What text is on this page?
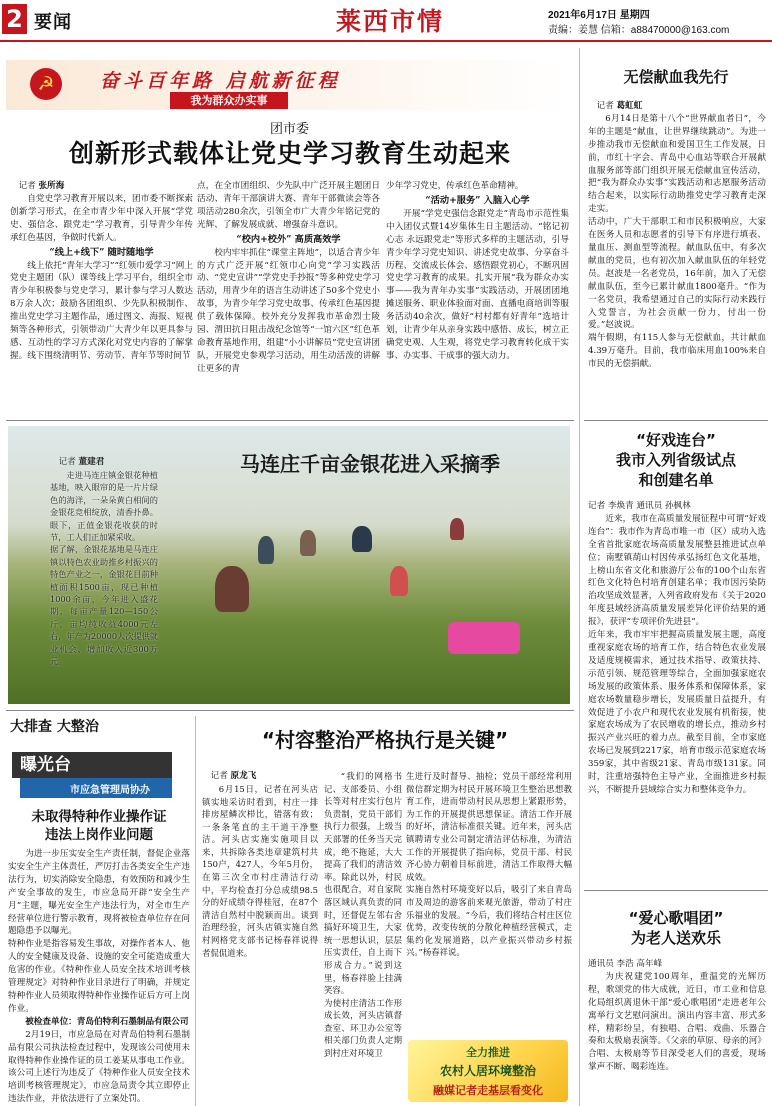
2 要闻	莱西市情	2021年6月17日 星期四
责编：姜慧 信箱：a88470000@163.com
☭	奋斗百年路 启航新征程
我为群众办实事
团市委
创新形式载体让党史学习教育生动起来
 记者 张所海
自党史学习教育开展以来，团市委不断探索创新学习形式，在全市青少年中深入开展“学党史、强信念、跟党走”学习教育，引导青少年传承红色基因，争做时代新人。
“线上+线下” 随时随地学
线上依托“青年大学习”“红领巾爱学习”网上党史主题团（队）课等线上学习平台，组织全市青少年积极参与党史学习，累计参与学习人数达8万余人次；鼓励各团组织、少先队积极制作、推出党史学习主题作品，通过图文、海报、短视频等各种形式，引领带动广大青少年以更具参与感、互动性的学习方式深化对党史内容的了解掌握。线下围绕清明节、劳动节、青年节等时间节
点，在全市团组织、少先队中广泛开展主题团日活动、青年干部演讲大赛、青年干部微读会等各项活动280余次，引领全市广大青少年铭记党的光辉、了解发展成就、增强奋斗意识。
“校内+校外” 高质高效学
校内牢牢抓住“课堂主阵地”，以适合青少年的方式广泛开展“红领巾心向党”学习实践活动、“党史宣讲”“学党史手抄报”等多种党史学习活动，用青少年的语言生动讲述了50多个党史小故事，为青少年学习党史故事、传承红色基因提供了载体保障。校外充分发挥我市革命烈士陵园、渭田抗日阻击战纪念馆等“一馆六区”红色革命教育基地作用，组建“小小讲解员”党史宣讲团队，开展党史参观学习活动，用生动活泼的讲解让更多的青
少年学习党史，传承红色革命精神。
“活动+服务” 入脑入心学
开展“学党史强信念跟党走”青岛市示范性集中入团仪式暨14岁集体生日主题活动、“铭记初心志 永远跟党走”等形式多样的主题活动，引导青少年学习党史知识、讲述党史故事、分享奋斗历程、交流成长体会、感悟跟党初心，不断巩固党史学习教育的成果。扎实开展“我为群众办实事——我为青年办实事”实践活动，开展团团地摊送服务、职业体验面对面、直播电商培训等服务活动40余次，做好“村村都有好青年”选培计划，让青少年从亲身实践中感悟、成长，树立正确党史观、人生观，将党史学习教育转化成干实事、办实事、干成事的强大动力。
无偿献血我先行
 记者 葛虹虹
6月14日是第十八个“世界献血者日”，今年的主题是“献血，让世界继续跳动”。为进一步推动我市无偿献血和爱国卫生工作发展，日前，市红十字会、青岛中心血站等联合开展献血服务部等部门组织开展无偿献血宣传活动，把“我为群众办实事”实践活动和志愿服务活动结合起来，以实际行动助推党史学习教育走深走实。
活动中，广大干部职工和市民积极响应，大家在医务人员和志愿者的引导下有序进行填表、量血压、测血型等流程。献血队伍中，有多次献血的党员，也有初次加入献血队伍的年轻党员。赵波是一名老党员，16年前，加入了无偿献血队伍，至今已累计献血1800毫升。“作为一名党员，我希望通过自己的实际行动来践行入党誓言，为社会贡献一份力，付出一份爱。”赵波说。
端午假期，有115人参与无偿献血，共计献血4.39万毫升。目前，我市临床用血100%来自市民的无偿捐献。
马连庄千亩金银花进入采摘季
 记者 董建君
走进马连庄镇金银花种植基地，映入眼帘的是一片片绿色的海洋，一朵朵黄白相间的金银花竞相绽放，清香扑鼻。眼下，正值金银花收获的时节，工人们正加紧采收。
据了解，金银花基地是马连庄镇以特色农业助推乡村振兴的特色产业之一，金银花目前种植面积1500亩，现已种植1000余亩，今年进入盛花期，每亩产量120—150公斤，亩均纯收益4000元左右，年产为20000人次提供就业机会，增加收入近300万元。
“好戏连台”
我市入列省级试点
和创建名单
记者 李焕青 通讯员 孙枫林
近来，我市在高质量发展征程中可谓“好戏连台”：我市作为青岛市唯一市（区）成功入选全省首批家庭农场高质量发展整县推进试点单位；南墅镇葫山村因传承弘扬红色文化基地，上榜山东省文化和旅游厅公布的100个山东省红色文化特色村培育创建名单；我市因污染防治攻坚成效显著，入列省政府发布《关于2020年度县域经济高质量发展差异化评价结果的通报》，获评“专项评价先进县”。
近年来，我市牢牢把握高质量发展主题，高度重视家庭农场的培育工作，结合特色农业发展及适度规模需求，通过技术指导、政策扶持、示范引领、规范管理等综合，全面加强家庭农场发展的政策体系、服务体系和保障体系，家庭农场数量稳步增长，发展质量日益提升，有效促进了小农户和现代农业发展有机衔接，使家庭农场成为了农民增收的增长点，推动乡村振兴产业兴旺的着力点。截至目前，全市家庭农场已发展到2217家，培育市级示范家庭农场359家，其中省级21家、青岛市级131家。同时，注重培强特色主导产业，全面推进乡村振兴，不断提升县域综合实力和整体竞争力。
“爱心歌唱团”
为老人送欢乐
通讯员 李浩 高年峰
为庆祝建党100周年，重温党的光辉历程，歌颂党的伟大成就，近日，市工业和信息化局组织离退休干部“爱心歌唱团”走进老年公寓举行文艺慰问演出。演出内容丰富、形式多样，精彩纷呈，有独唱、合唱、戏曲、乐器合奏和太极扇表演等。《父亲的草原、母亲的河》合唱、太极扇等节目深受老人们的喜爱，现场掌声不断、喝彩连连。
大排查 大整治
曝光台
市应急管理局协办
未取得特种作业操作证
违法上岗作业问题
为进一步压实安全生产责任制，督促企业落实安全生产主体责任，严厉打击各类安全生产违法行为，切实消除安全隐患，有效预防和减少生产安全事故的发生，市应急局开辟“安全生产月”主题，曝光安全生产违法行为，对全市生产经营单位进行警示教育，现将被检查单位存在问题隐患予以曝光。
特种作业是指容易发生事故，对操作者本人、他人的安全健康及设备、设施的安全可能造成重大危害的作业。《特种作业人员安全技术培训考核管理规定》对特种作业目录进行了明确，并规定特种作业人员须取得特种作业操作证后方可上岗作业。
被检查单位：青岛伯特利石墨制品有限公司
2月19日，市应急局在对青岛伯特利石墨制品有限公司执法检查过程中，发现该公司使用未取得特种作业操作证的员工姜某从事电工作业。该公司上述行为违反了《特种作业人员安全技术培训考核管理规定》，市应急局责令其立即停止违法作业，并依法进行了立案处罚。
“村容整治严格执行是关键”
 记者 原龙飞
6月15日，记者在河头店镇实地采访时看到，村庄一排排房屋鳞次栉比，错落有致；一条条笔直的主干道干净整洁。河头店实施实施项目以来，共拆除各类违章建筑村共150户，427人，今年5月份，在第三次全市村庄清洁行动中，平均检查打分总成绩98.5分的好成绩夺得桂冠，在87个清洁自然村中脱颖而出。谈到治理经验，河头店镇实施自然村网格党支部书记杨春祥说得者侃侃道来。
“我们的网格书记、支部委员、小组长等对村庄实行包片负责制，党员干部们执行力很强，上级当天部署的任务当天完成，绝不拖延，大大提高了我们的清洁效率。除此以外，村民也很配合，对自家院落区域认真负责的同时，还督促左邻右舍搞好环境卫生，大家统一思想认识，层层压实责任，自上而下形成合力。”说到这里，杨春祥脸上挂满笑容。
为使村庄清洁工作形成长效，河头店镇督查室、环卫办公室等相关部门负责人定期到村庄对环境卫
生进行及时督导、抽检；党员干部经常利用微信群定期为村民开展环境卫生整治思想教育工作，进而带动村民从思想上紧跟形势，为工作的开展提供思想保证。清洁工作开展的好坏，清洁标准很关键。近年来，河头店镇聘请专业公司制定清洁评估标准，为清洁工作的开展提供了指向标，党员干部、村民齐心协力朝着目标前进，清洁工作取得大幅成效。
实施自然村环境变好以后，吸引了来自青岛市及周边的游客前来观光旅游，带动了村庄乐福业的发展。“今后，我们将结合村庄区位优势，改变传统的分散化种植经营模式，走集约化发展道路，以产业振兴带动乡村振兴。”杨春祥说。
全力推进
农村人居环境整治
融媒记者走基层看变化
